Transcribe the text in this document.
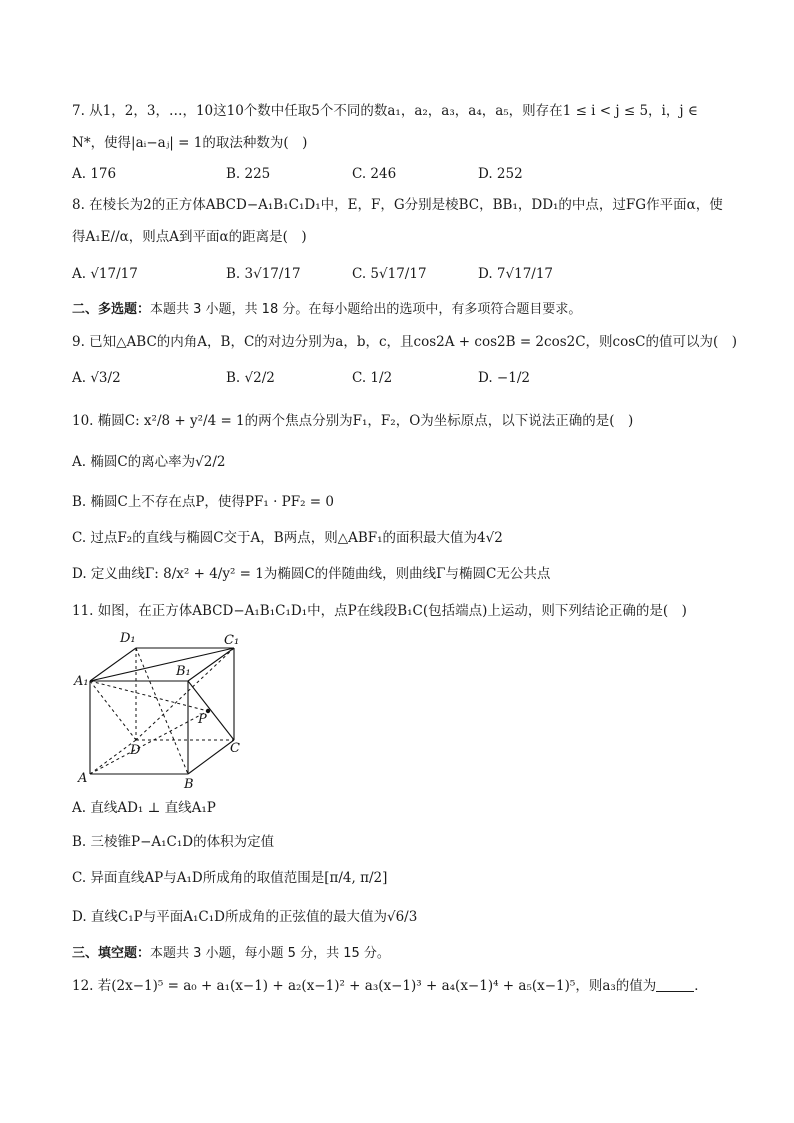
7. 从1，2，3，…，10这10个数中任取5个不同的数a₁，a₂，a₃，a₄，a₅，则存在1 ≤ i < j ≤ 5，i，j ∈
N*，使得|aᵢ−aⱼ| = 1的取法种数为(　)
A. 176	B. 225	C. 246	D. 252
8. 在棱长为2的正方体ABCD−A₁B₁C₁D₁中，E，F，G分别是棱BC，BB₁，DD₁的中点，过FG作平面α，使
得A₁E//α，则点A到平面α的距离是(　)
A. √17/17	B. 3√17/17	C. 5√17/17	D. 7√17/17
二、多选题：本题共 3 小题，共 18 分。在每小题给出的选项中，有多项符合题目要求。
9. 已知△ABC的内角A，B，C的对边分别为a，b，c，且cos2A + cos2B = 2cos2C，则cosC的值可以为(　)
A. √3/2	B. √2/2	C. 1/2	D. −1/2
10. 椭圆C: x²/8 + y²/4 = 1的两个焦点分别为F₁，F₂，O为坐标原点，以下说法正确的是(　)
A. 椭圆C的离心率为√2/2
B. 椭圆C上不存在点P，使得PF₁ · PF₂ = 0
C. 过点F₂的直线与椭圆C交于A，B两点，则△ABF₁的面积最大值为4√2
D. 定义曲线Γ: 8/x² + 4/y² = 1为椭圆C的伴随曲线，则曲线Γ与椭圆C无公共点
11. 如图，在正方体ABCD−A₁B₁C₁D₁中，点P在线段B₁C(包括端点)上运动，则下列结论正确的是(　)
A₁
D₁	C₁
B₁
P
D	C
A	B
A. 直线AD₁ ⊥ 直线A₁P
B. 三棱锥P−A₁C₁D的体积为定值
C. 异面直线AP与A₁D所成角的取值范围是[π/4, π/2]
D. 直线C₁P与平面A₁C₁D所成角的正弦值的最大值为√6/3
三、填空题：本题共 3 小题，每小题 5 分，共 15 分。
12. 若(2x−1)⁵ = a₀ + a₁(x−1) + a₂(x−1)² + a₃(x−1)³ + a₄(x−1)⁴ + a₅(x−1)⁵，则a₃的值为	．
